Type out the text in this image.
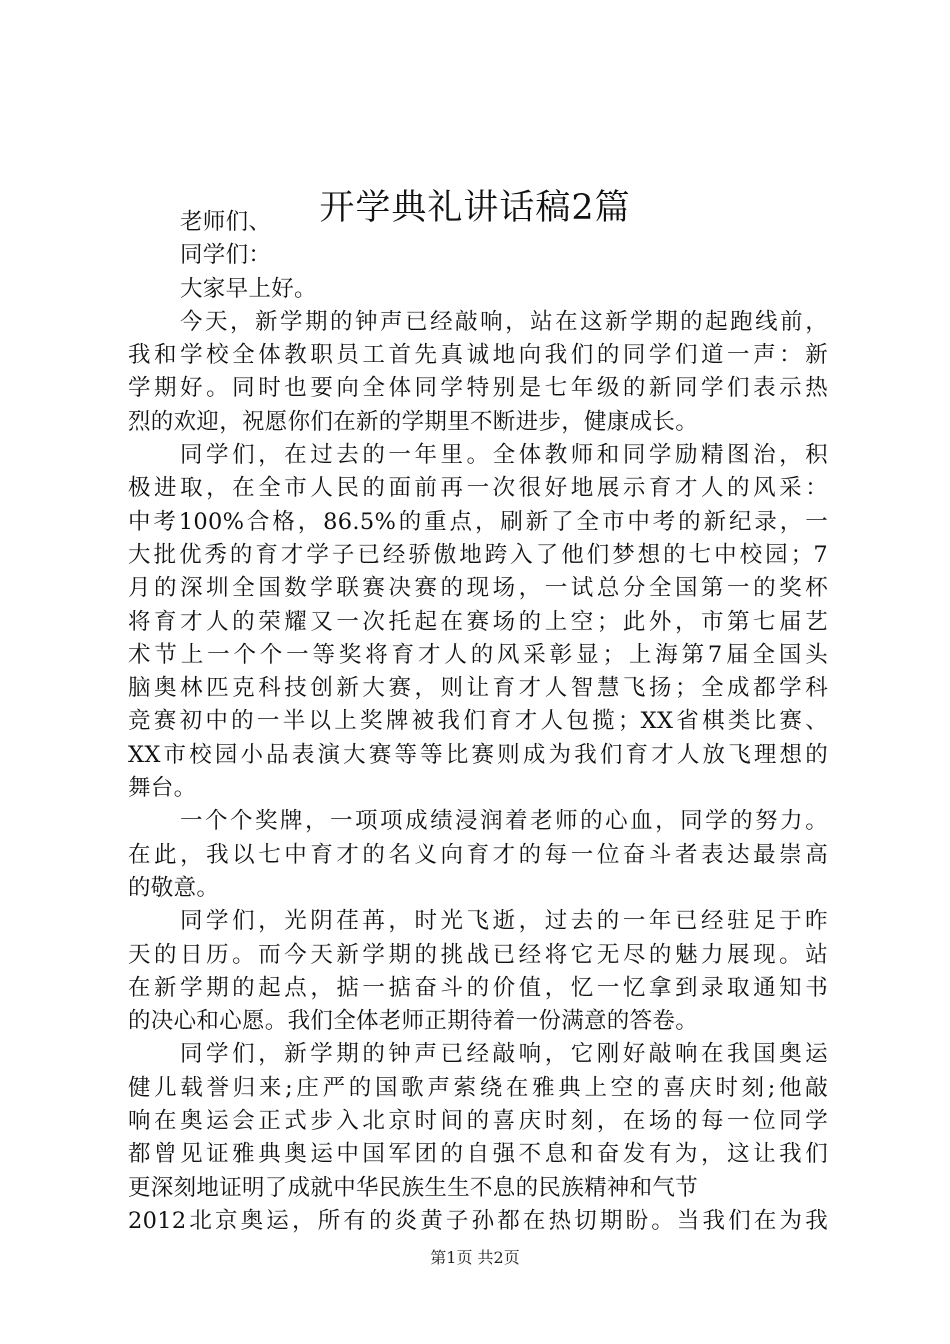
开学典礼讲话稿2篇
老师们、
同学们：
大家早上好。
今天，新学期的钟声已经敲响，站在这新学期的起跑线前，
我和学校全体教职员工首先真诚地向我们的同学们道一声：新
学期好。同时也要向全体同学特别是七年级的新同学们表示热
烈的欢迎，祝愿你们在新的学期里不断进步，健康成长。
同学们，在过去的一年里。全体教师和同学励精图治，积
极进取，在全市人民的面前再一次很好地展示育才人的风采：
中考100%合格，86.5%的重点，刷新了全市中考的新纪录，一
大批优秀的育才学子已经骄傲地跨入了他们梦想的七中校园；7
月的深圳全国数学联赛决赛的现场，一试总分全国第一的奖杯
将育才人的荣耀又一次托起在赛场的上空；此外，市第七届艺
术节上一个个一等奖将育才人的风采彰显；上海第7届全国头
脑奥林匹克科技创新大赛，则让育才人智慧飞扬；全成都学科
竞赛初中的一半以上奖牌被我们育才人包揽；XX省棋类比赛、
XX市校园小品表演大赛等等比赛则成为我们育才人放飞理想的
舞台。
一个个奖牌，一项项成绩浸润着老师的心血，同学的努力。
在此，我以七中育才的名义向育才的每一位奋斗者表达最崇高
的敬意。
同学们，光阴荏苒，时光飞逝，过去的一年已经驻足于昨
天的日历。而今天新学期的挑战已经将它无尽的魅力展现。站
在新学期的起点，掂一掂奋斗的价值，忆一忆拿到录取通知书
的决心和心愿。我们全体老师正期待着一份满意的答卷。
同学们，新学期的钟声已经敲响，它刚好敲响在我国奥运
健儿载誉归来;庄严的国歌声萦绕在雅典上空的喜庆时刻;他敲
响在奥运会正式步入北京时间的喜庆时刻，在场的每一位同学
都曾见证雅典奥运中国军团的自强不息和奋发有为，这让我们
更深刻地证明了成就中华民族生生不息的民族精神和气节
2012北京奥运，所有的炎黄子孙都在热切期盼。当我们在为我
第1页 共2页
